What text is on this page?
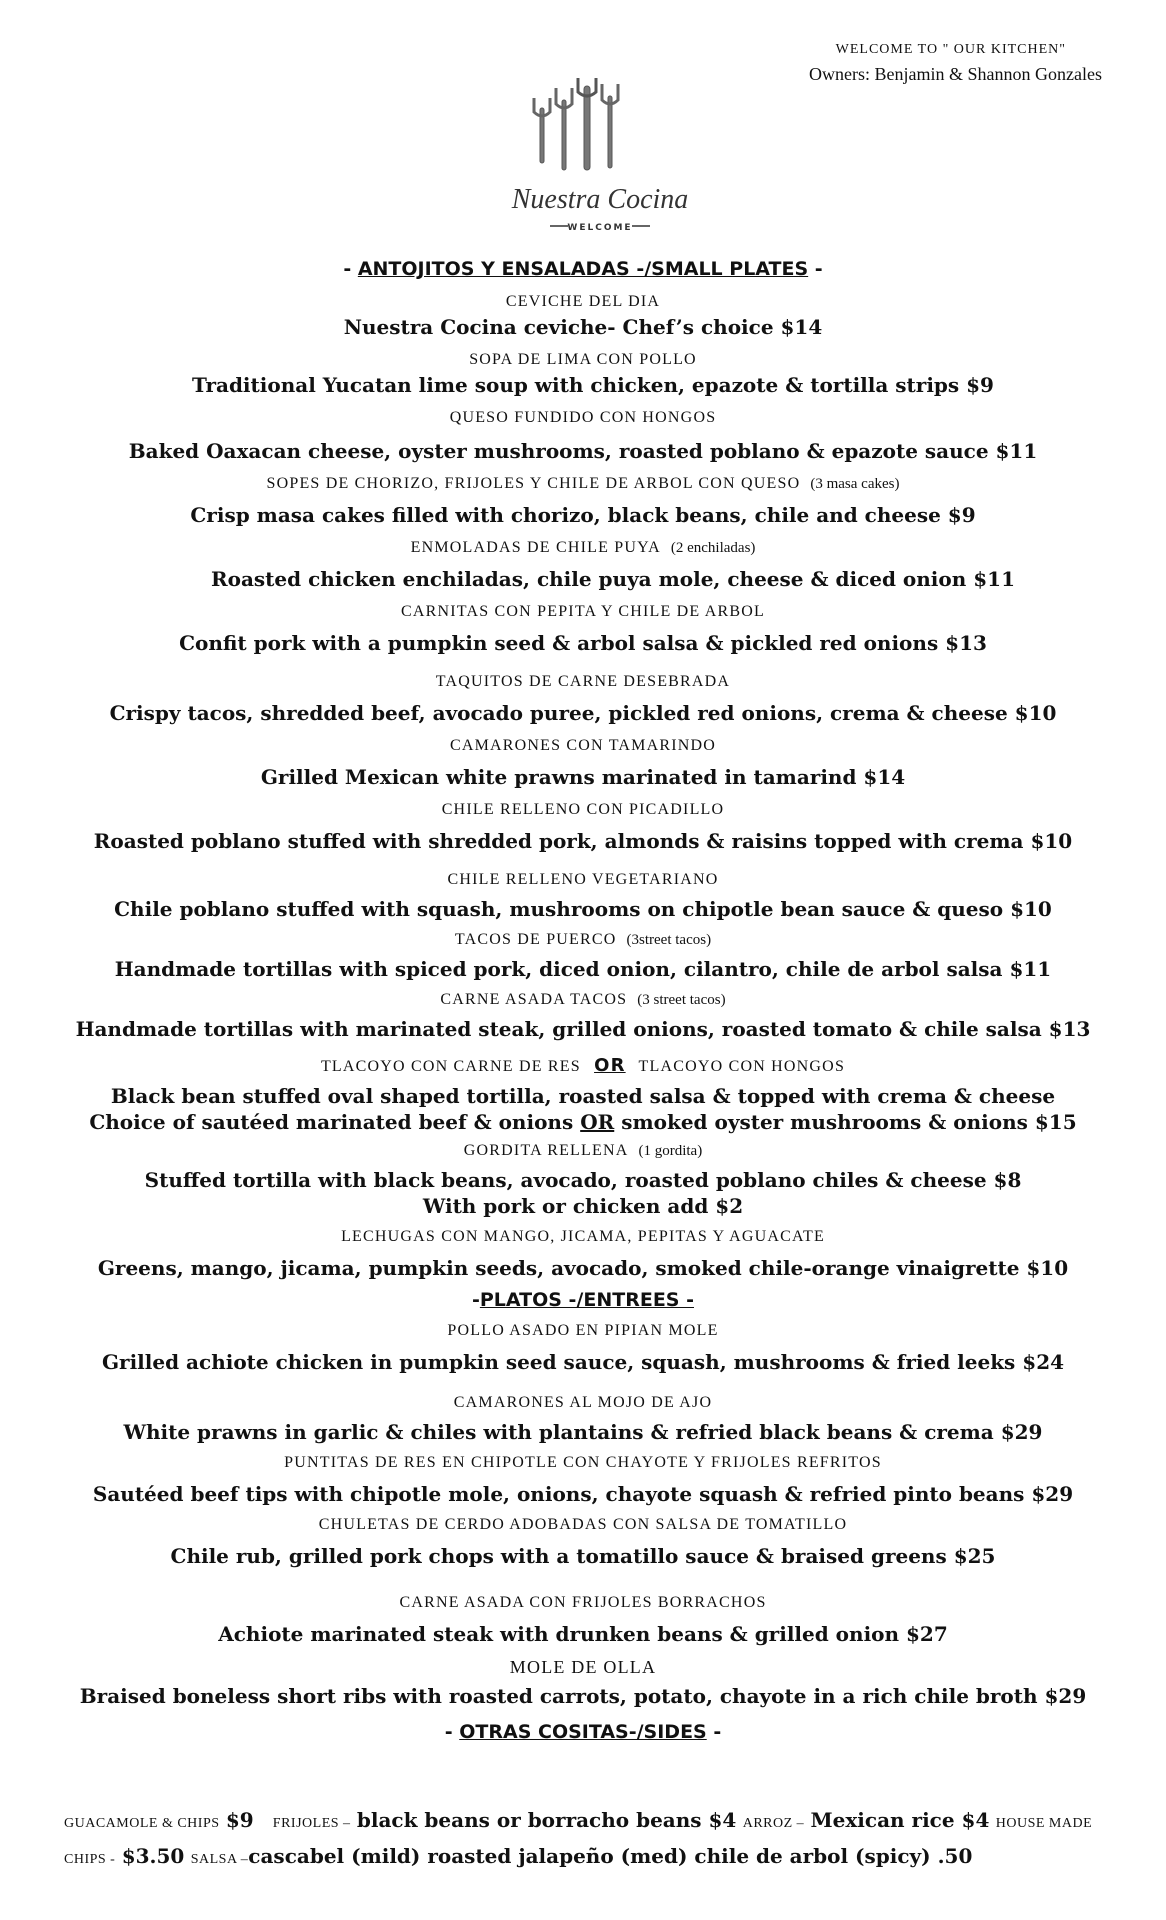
WELCOME TO " OUR KITCHEN"
Owners: Benjamin & Shannon Gonzales
Nuestra Cocina
WELCOME

- ANTOJITOS Y ENSALADAS -/SMALL PLATES -

CEVICHE DEL DIA

Nuestra Cocina ceviche- Chef’s choice $14

SOPA DE LIMA CON POLLO

Traditional Yucatan lime soup with chicken, epazote & tortilla strips $9

QUESO FUNDIDO CON HONGOS

Baked Oaxacan cheese, oyster mushrooms, roasted poblano & epazote sauce $11

SOPES DE CHORIZO, FRIJOLES Y CHILE DE ARBOL CON QUESO (3 masa cakes)

Crisp masa cakes filled with chorizo, black beans, chile and cheese $9

ENMOLADAS DE CHILE PUYA (2 enchiladas)

Roasted chicken enchiladas, chile puya mole, cheese & diced onion $11

CARNITAS CON PEPITA Y CHILE DE ARBOL

Confit pork with a pumpkin seed & arbol salsa & pickled red onions $13

TAQUITOS DE CARNE DESEBRADA

Crispy tacos, shredded beef, avocado puree, pickled red onions, crema & cheese $10

CAMARONES CON TAMARINDO

Grilled Mexican white prawns marinated in tamarind $14

CHILE RELLENO CON PICADILLO

Roasted poblano stuffed with shredded pork, almonds & raisins topped with crema $10

CHILE RELLENO VEGETARIANO

Chile poblano stuffed with squash, mushrooms on chipotle bean sauce & queso $10

TACOS DE PUERCO (3street tacos)

Handmade tortillas with spiced pork, diced onion, cilantro, chile de arbol salsa $11

CARNE ASADA TACOS (3 street tacos)

Handmade tortillas with marinated steak, grilled onions, roasted tomato & chile salsa $13

TLACOYO CON CARNE DE RES OR TLACOYO CON HONGOS

Black bean stuffed oval shaped tortilla, roasted salsa & topped with crema & cheese

Choice of sautéed marinated beef & onions OR smoked oyster mushrooms & onions $15

GORDITA RELLENA (1 gordita)

Stuffed tortilla with black beans, avocado, roasted poblano chiles & cheese $8

With pork or chicken add $2

LECHUGAS CON MANGO, JICAMA, PEPITAS Y AGUACATE

Greens, mango, jicama, pumpkin seeds, avocado, smoked chile-orange vinaigrette $10

-PLATOS -/ENTREES -

POLLO ASADO EN PIPIAN MOLE

Grilled achiote chicken in pumpkin seed sauce, squash, mushrooms & fried leeks $24

CAMARONES AL MOJO DE AJO

White prawns in garlic & chiles with plantains & refried black beans & crema $29

PUNTITAS DE RES EN CHIPOTLE CON CHAYOTE Y FRIJOLES REFRITOS

Sautéed beef tips with chipotle mole, onions, chayote squash & refried pinto beans $29

CHULETAS DE CERDO ADOBADAS CON SALSA DE TOMATILLO

Chile rub, grilled pork chops with a tomatillo sauce & braised greens $25

CARNE ASADA CON FRIJOLES BORRACHOS

Achiote marinated steak with drunken beans & grilled onion $27

MOLE DE OLLA

Braised boneless short ribs with roasted carrots, potato, chayote in a rich chile broth $29

- OTRAS COSITAS-/SIDES -

GUACAMOLE & CHIPS $9 FRIJOLES – black beans or borracho beans $4 ARROZ – Mexican rice $4 HOUSE MADE CHIPS - $3.50 SALSA –cascabel (mild) roasted jalapeño (med) chile de arbol (spicy) .50
